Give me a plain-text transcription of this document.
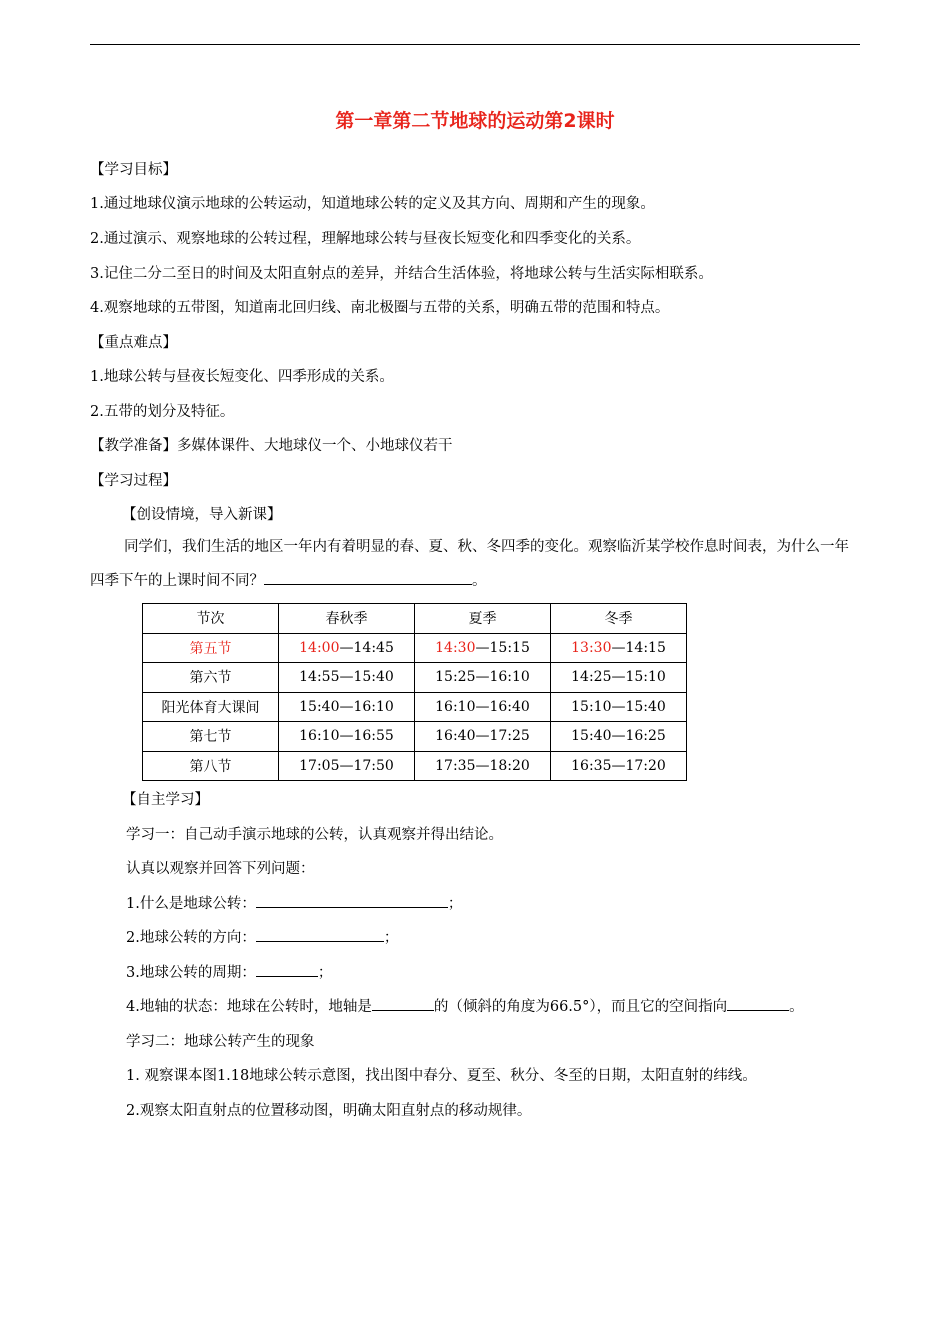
第一章第二节地球的运动第2课时
【学习目标】
1.通过地球仪演示地球的公转运动，知道地球公转的定义及其方向、周期和产生的现象。
2.通过演示、观察地球的公转过程，理解地球公转与昼夜长短变化和四季变化的关系。
3.记住二分二至日的时间及太阳直射点的差异，并结合生活体验，将地球公转与生活实际相联系。
4.观察地球的五带图，知道南北回归线、南北极圈与五带的关系，明确五带的范围和特点。
【重点难点】
1.地球公转与昼夜长短变化、四季形成的关系。
2.五带的划分及特征。
【教学准备】多媒体课件、大地球仪一个、小地球仪若干
【学习过程】
【创设情境，导入新课】
同学们，我们生活的地区一年内有着明显的春、夏、秋、冬四季的变化。观察临沂某学校作息时间表，为什么一年四季下午的上课时间不同？	。
节次	春秋季	夏季	冬季
第五节	14:00—14:45	14:30—15:15	13:30—14:15
第六节	14:55—15:40	15:25—16:10	14:25—15:10
阳光体育大课间	15:40—16:10	16:10—16:40	15:10—15:40
第七节	16:10—16:55	16:40—17:25	15:40—16:25
第八节	17:05—17:50	17:35—18:20	16:35—17:20
【自主学习】
学习一：自己动手演示地球的公转，认真观察并得出结论。
认真以观察并回答下列问题：
1.什么是地球公转：	；
2.地球公转的方向：	；
3.地球公转的周期：	；
4.地轴的状态：地球在公转时，地轴是	的（倾斜的角度为66.5°），而且它的空间指向	。
学习二：地球公转产生的现象
1. 观察课本图1.18地球公转示意图，找出图中春分、夏至、秋分、冬至的日期，太阳直射的纬线。
2.观察太阳直射点的位置移动图，明确太阳直射点的移动规律。
